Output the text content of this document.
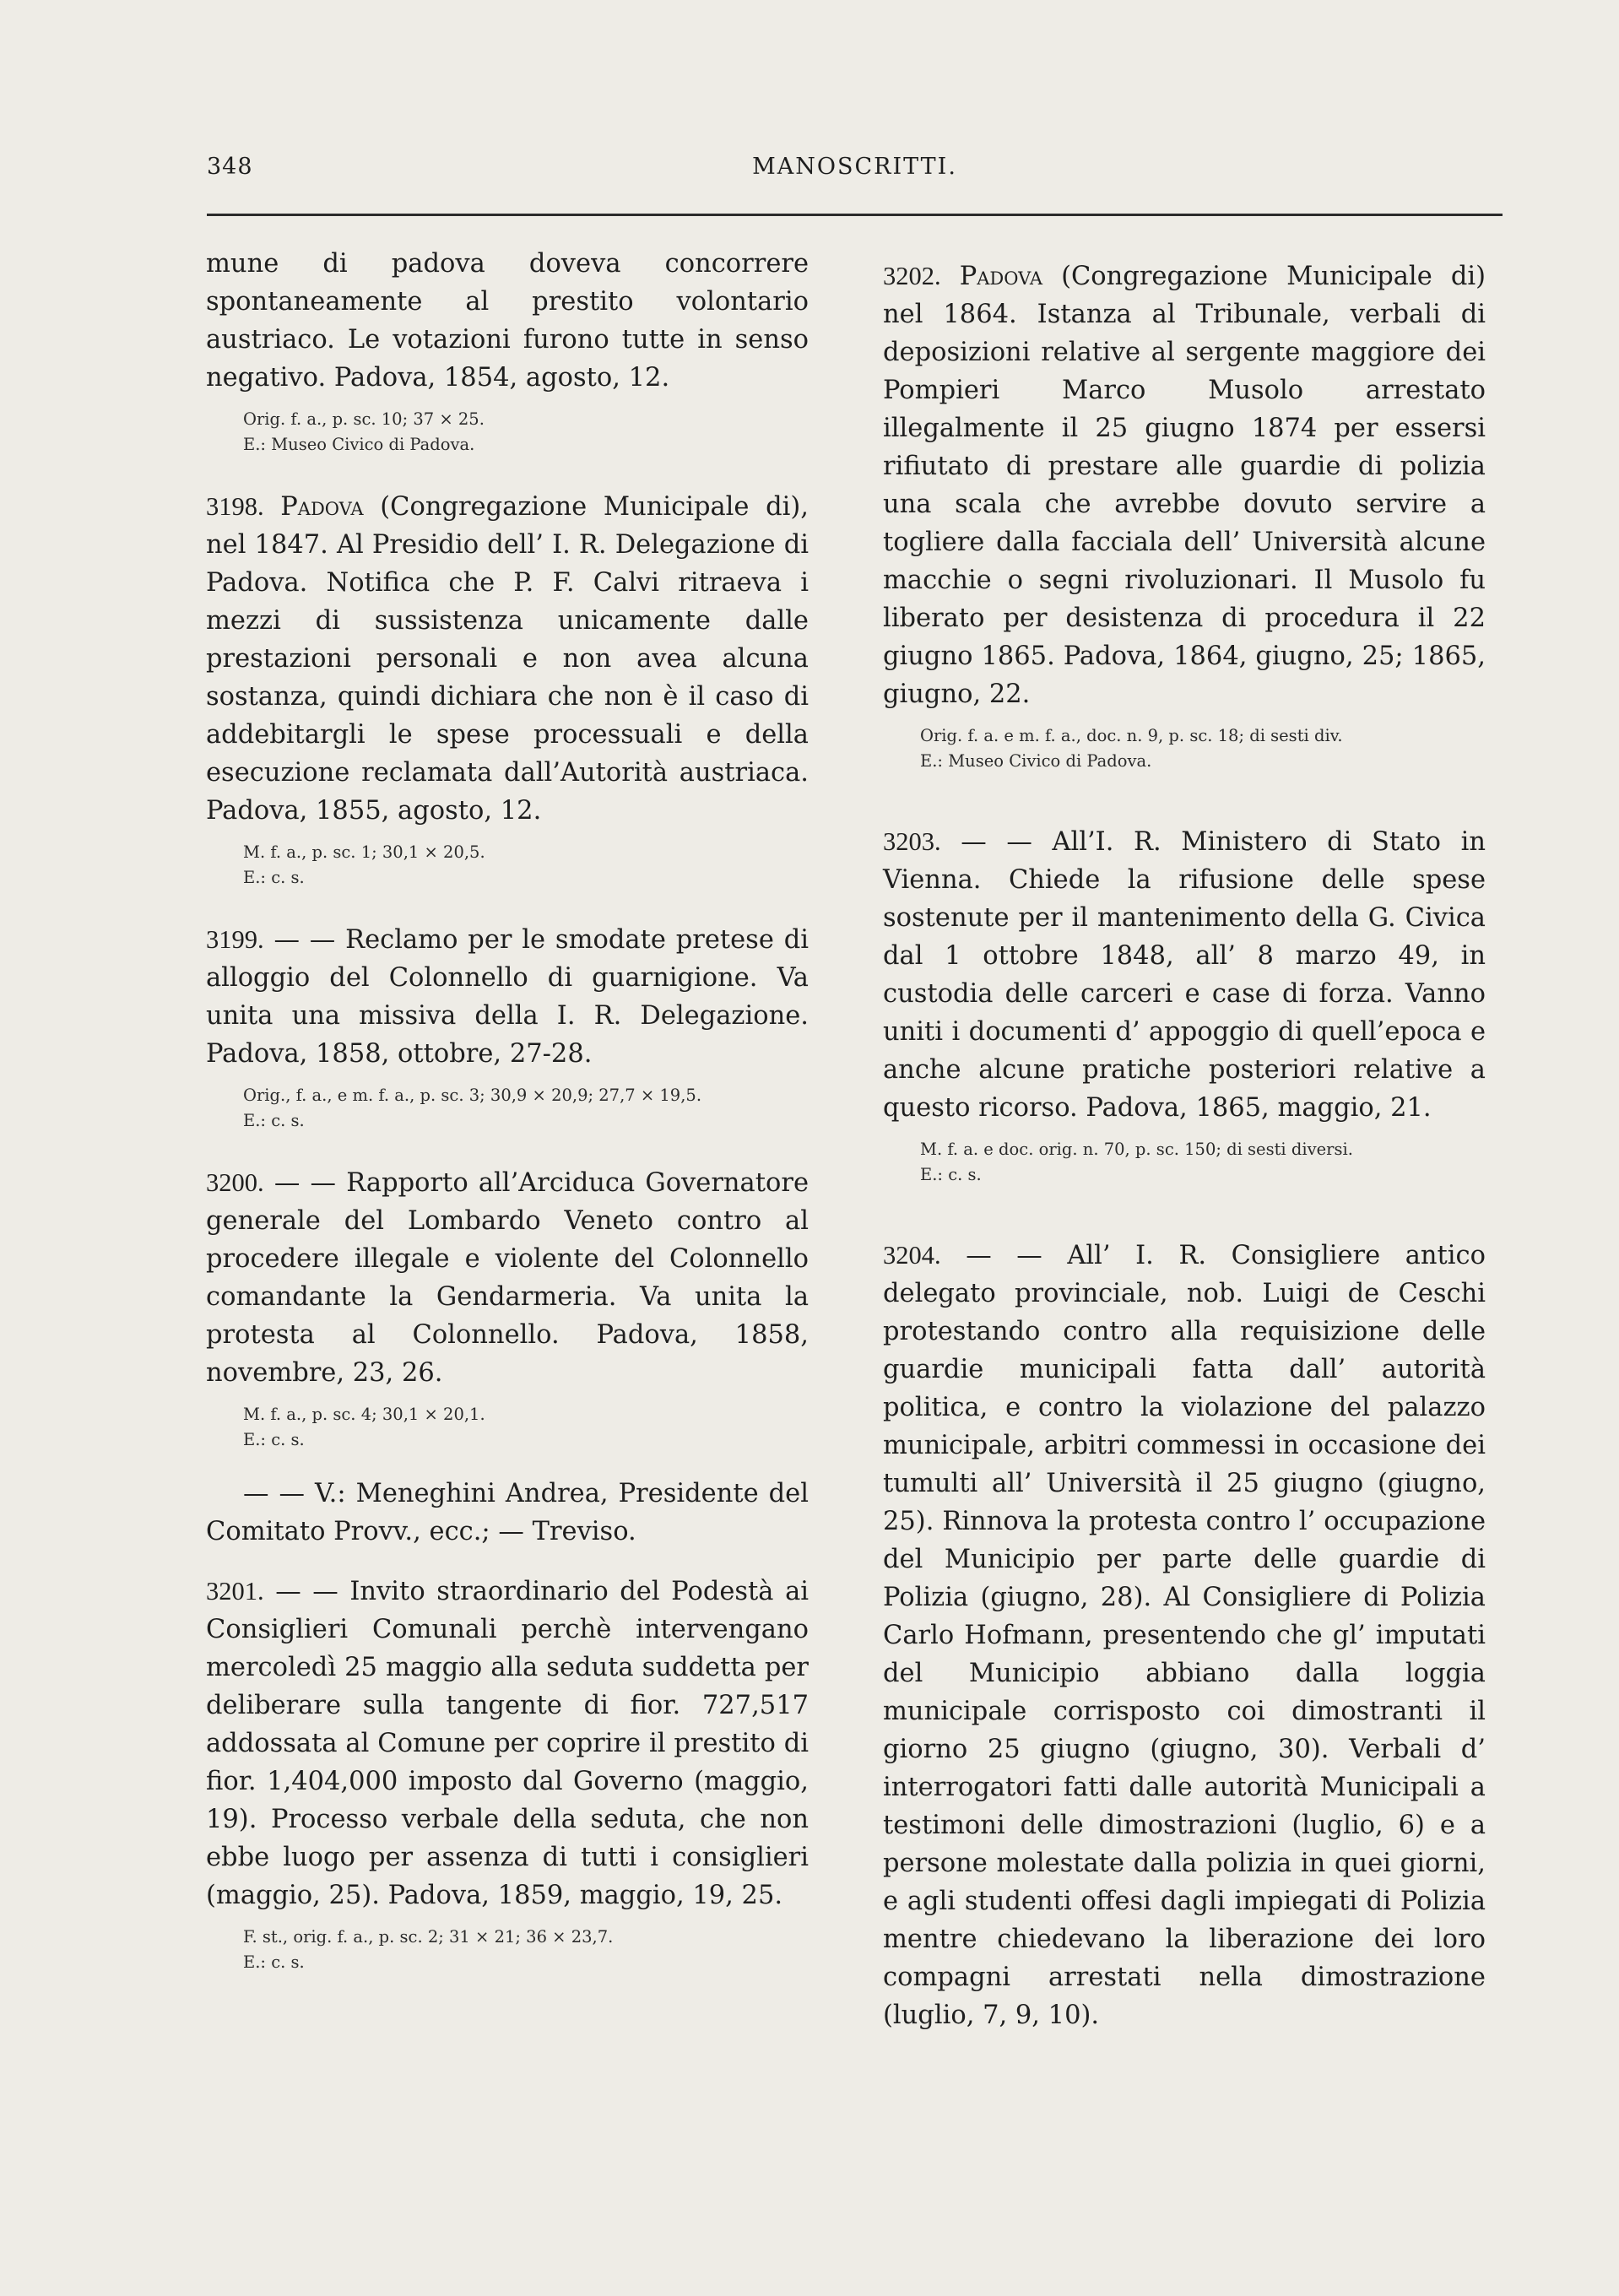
348	MANOSCRITTI.

mune di padova doveva concorrere spontaneamente al prestito volontario austriaco. Le votazioni furono tutte in senso negativo. Padova, 1854, agosto, 12.

Orig. f. a., p. sc. 10; 37 × 25.

E.: Museo Civico di Padova.

3198. Padova (Congregazione Municipale di), nel 1847. Al Presidio dell’ I. R. Delegazione di Padova. Notifica che P. F. Calvi ritraeva i mezzi di sussistenza unicamente dalle prestazioni personali e non avea alcuna sostanza, quindi dichiara che non è il caso di addebitargli le spese processuali e della esecuzione reclamata dall’Autorità austriaca. Padova, 1855, agosto, 12.

M. f. a., p. sc. 1; 30,1 × 20,5.

E.: c. s.

3199. — — Reclamo per le smodate pretese di alloggio del Colonnello di guarnigione. Va unita una missiva della I. R. Delegazione. Padova, 1858, ottobre, 27-28.

Orig., f. a., e m. f. a., p. sc. 3; 30,9 × 20,9; 27,7 × 19,5.

E.: c. s.

3200. — — Rapporto all’Arciduca Governatore generale del Lombardo Veneto contro al procedere illegale e violente del Colonnello comandante la Gendarmeria. Va unita la protesta al Colonnello. Padova, 1858, novembre, 23, 26.

M. f. a., p. sc. 4; 30,1 × 20,1.

E.: c. s.

— — V.: Meneghini Andrea, Presidente del Comitato Provv., ecc.; — Treviso.

3201. — — Invito straordinario del Podestà ai Consiglieri Comunali perchè intervengano mercoledì 25 maggio alla seduta suddetta per deliberare sulla tangente di fior. 727,517 addossata al Comune per coprire il prestito di fior. 1,404,000 imposto dal Governo (maggio, 19). Processo verbale della seduta, che non ebbe luogo per assenza di tutti i consiglieri (maggio, 25). Padova, 1859, maggio, 19, 25.

F. st., orig. f. a., p. sc. 2; 31 × 21; 36 × 23,7.

E.: c. s.

3202. Padova (Congregazione Municipale di) nel 1864. Istanza al Tribunale, verbali di deposizioni relative al sergente maggiore dei Pompieri Marco Musolo arrestato illegalmente il 25 giugno 1874 per essersi rifiutato di prestare alle guardie di polizia una scala che avrebbe dovuto servire a togliere dalla facciala dell’ Università alcune macchie o segni rivoluzionari. Il Musolo fu liberato per desistenza di procedura il 22 giugno 1865. Padova, 1864, giugno, 25; 1865, giugno, 22.

Orig. f. a. e m. f. a., doc. n. 9, p. sc. 18; di sesti div.

E.: Museo Civico di Padova.

3203. — — All’I. R. Ministero di Stato in Vienna. Chiede la rifusione delle spese sostenute per il mantenimento della G. Civica dal 1 ottobre 1848, all’ 8 marzo 49, in custodia delle carceri e case di forza. Vanno uniti i documenti d’ appoggio di quell’epoca e anche alcune pratiche posteriori relative a questo ricorso. Padova, 1865, maggio, 21.

M. f. a. e doc. orig. n. 70, p. sc. 150; di sesti diversi.

E.: c. s.

3204. — — All’ I. R. Consigliere antico delegato provinciale, nob. Luigi de Ceschi protestando contro alla requisizione delle guardie municipali fatta dall’ autorità politica, e contro la violazione del palazzo municipale, arbitri commessi in occasione dei tumulti all’ Università il 25 giugno (giugno, 25). Rinnova la protesta contro l’ occupazione del Municipio per parte delle guardie di Polizia (giugno, 28). Al Consigliere di Polizia Carlo Hofmann, presentendo che gl’ imputati del Municipio abbiano dalla loggia municipale corrisposto coi dimostranti il giorno 25 giugno (giugno, 30). Verbali d’ interrogatori fatti dalle autorità Municipali a testimoni delle dimostrazioni (luglio, 6) e a persone molestate dalla polizia in quei giorni, e agli studenti offesi dagli impiegati di Polizia mentre chiedevano la liberazione dei loro compagni arrestati nella dimostrazione (luglio, 7, 9, 10).
